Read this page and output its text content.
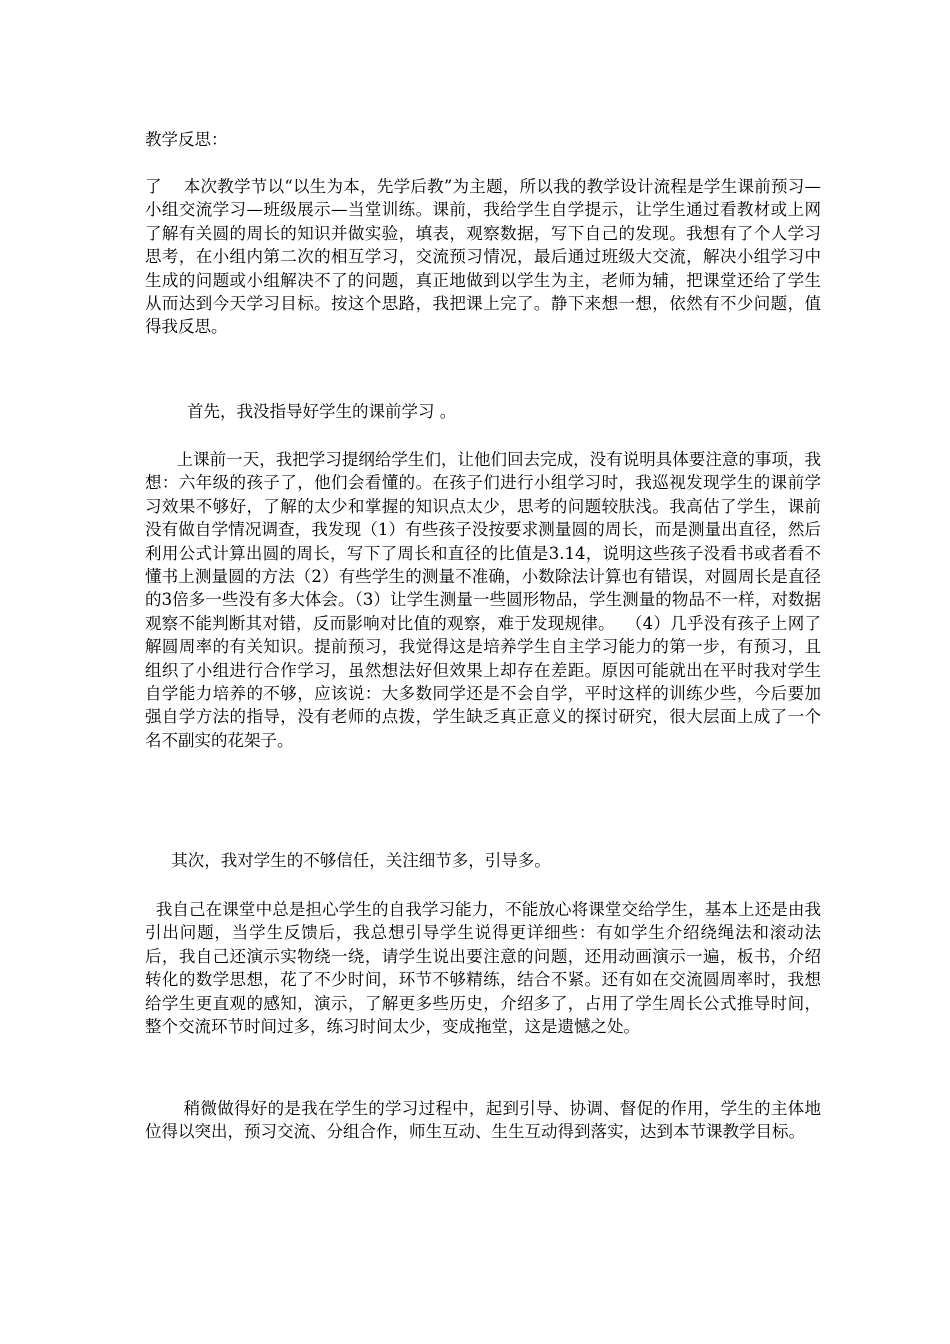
教学反思：

了    本次教学节以“以生为本，先学后教”为主题，所以我的教学设计流程是学生课前预习—小组交流学习—班级展示—当堂训练。课前，我给学生自学提示，让学生通过看教材或上网了解有关圆的周长的知识并做实验，填表，观察数据，写下自己的发现。我想有了个人学习思考，在小组内第二次的相互学习，交流预习情况，最后通过班级大交流，解决小组学习中生成的问题或小组解决不了的问题，真正地做到以学生为主，老师为辅，把课堂还给了学生从而达到今天学习目标。按这个思路，我把课上完了。静下来想一想，依然有不少问题，值得我反思。

首先，我没指导好学生的课前学习 。

上课前一天，我把学习提纲给学生们，让他们回去完成，没有说明具体要注意的事项，我想：六年级的孩子了，他们会看懂的。在孩子们进行小组学习时，我巡视发现学生的课前学习效果不够好，了解的太少和掌握的知识点太少，思考的问题较肤浅。我高估了学生，课前没有做自学情况调查，我发现（1）有些孩子没按要求测量圆的周长，而是测量出直径，然后利用公式计算出圆的周长，写下了周长和直径的比值是3.14，说明这些孩子没看书或者看不懂书上测量圆的方法（2）有些学生的测量不准确，小数除法计算也有错误，对圆周长是直径的3倍多一些没有多大体会。（3）让学生测量一些圆形物品，学生测量的物品不一样，对数据观察不能判断其对错，反而影响对比值的观察，难于发现规律。  （4）几乎没有孩子上网了解圆周率的有关知识。提前预习，我觉得这是培养学生自主学习能力的第一步，有预习，且组织了小组进行合作学习，虽然想法好但效果上却存在差距。原因可能就出在平时我对学生自学能力培养的不够，应该说：大多数同学还是不会自学，平时这样的训练少些，今后要加强自学方法的指导，没有老师的点拨，学生缺乏真正意义的探讨研究，很大层面上成了一个名不副实的花架子。

其次，我对学生的不够信任，关注细节多，引导多。

我自己在课堂中总是担心学生的自我学习能力，不能放心将课堂交给学生，基本上还是由我引出问题，当学生反馈后，我总想引导学生说得更详细些：有如学生介绍绕绳法和滚动法后，我自己还演示实物绕一绕，请学生说出要注意的问题，还用动画演示一遍，板书，介绍转化的数学思想，花了不少时间，环节不够精练，结合不紧。还有如在交流圆周率时，我想给学生更直观的感知，演示，了解更多些历史，介绍多了，占用了学生周长公式推导时间，整个交流环节时间过多，练习时间太少，变成拖堂，这是遗憾之处。

稍微做得好的是我在学生的学习过程中，起到引导、协调、督促的作用，学生的主体地位得以突出，预习交流、分组合作，师生互动、生生互动得到落实，达到本节课教学目标。
